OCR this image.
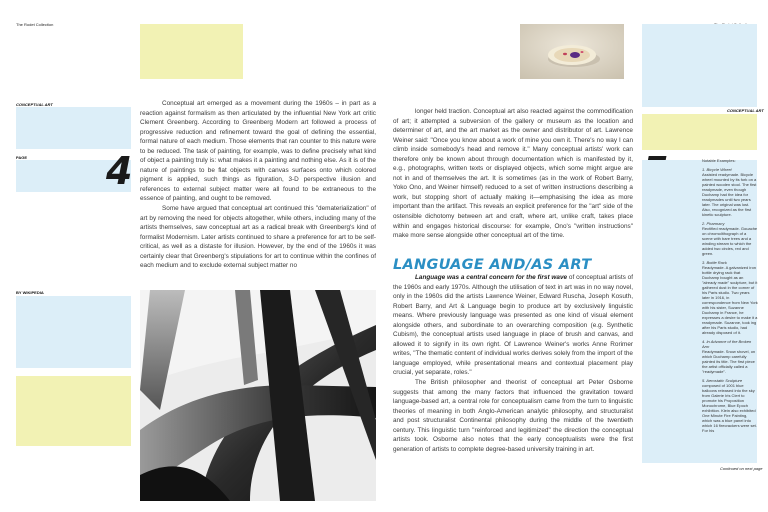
The Rodet Collection
CONCEPTUAL ART
PAGE 4

Conceptual art emerged as a movement during the 1960s – in part as a reaction against formalism as then articulated by the influential New York art critic Clement Greenberg. According to Greenberg Modern art followed a process of progressive reduction and refinement toward the goal of defining the essential, formal nature of each medium. Those elements that ran counter to this nature were to be reduced. The task of painting, for example, was to define precisely what kind of object a painting truly is: what makes it a painting and nothing else. As it is of the nature of paintings to be flat objects with canvas surfaces onto which colored pigment is applied, such things as figuration, 3-D perspective illusion and references to external subject matter were all found to be extraneous to the essence of painting, and ought to be removed.

Some have argued that conceptual art continued this "dematerialization" of art by removing the need for objects altogether, while others, including many of the artists themselves, saw conceptual art as a radical break with Greenberg's kind of formalist Modernism. Later artists continued to share a preference for art to be self-critical, as well as a distaste for illusion. However, by the end of the 1960s it was certainly clear that Greenberg's stipulations for art to continue within the confines of each medium and to exclude external subject matter no

BY WIKIPEDIA

longer held traction. Conceptual art also reacted against the commodification of art; it attempted a subversion of the gallery or museum as the location and determiner of art, and the art market as the owner and distributor of art. Lawrence Weiner said: "Once you know about a work of mine you own it. There's no way I can climb inside somebody's head and remove it." Many conceptual artists' work can therefore only be known about through documentation which is manifested by it, e.g., photographs, written texts or displayed objects, which some might argue are not in and of themselves the art. It is sometimes (as in the work of Robert Barry, Yoko Ono, and Weiner himself) reduced to a set of written instructions describing a work, but stopping short of actually making it—emphasising the idea as more important than the artifact. This reveals an explicit preference for the "art" side of the ostensible dichotomy between art and craft, where art, unlike craft, takes place within and engages historical discourse: for example, Ono's "written instructions" make more sense alongside other conceptual art of the time.

LANGUAGE AND/AS ART

Language was a central concern for the first wave of conceptual artists of the 1960s and early 1970s. Although the utilisation of text in art was in no way novel, only in the 1960s did the artists Lawrence Weiner, Edward Ruscha, Joseph Kosuth, Robert Barry, and Art & Language begin to produce art by exclusively linguistic means. Where previously language was presented as one kind of visual element alongside others, and subordinate to an overarching composition (e.g. Synthetic Cubism), the conceptual artists used language in place of brush and canvas, and allowed it to signify in its own right. Of Lawrence Weiner's works Anne Rorimer writes, "The thematic content of individual works derives solely from the import of the language employed, while presentational means and contextual placement play crucial, yet separate, roles."

The British philosopher and theorist of conceptual art Peter Osborne suggests that among the many factors that influenced the gravitation toward language-based art, a central role for conceptualism came from the turn to linguistic theories of meaning in both Anglo-American analytic philosophy, and structuralist and post structuralist Continental philosophy during the middle of the twentieth century. This linguistic turn "reinforced and legitimized" the direction the conceptual artists took. Osborne also notes that the early conceptualists were the first generation of artists to complete degree-based university training in art.

CONCEPTUAL ART

Notable Examples:

1. Bicycle Wheel
Assisted readymade. Bicycle wheel mounted by its fork on a painted wooden stool. The first readymade, even though Duchamp had the idea for readymades until two years later. The original was lost. Also, recognized as the first kinetic sculpture.

2. Pharmacy
Rectified readymade. Gouache on chromolithograph of a scene with bare trees and a winding stream to which the added two circles, red and green.

3. Bottle Rack
Readymade. A galvanized iron bottle drying rack that Duchamp bought as an "already made" sculpture, but it gathered dust in the corner of his Paris studio. Two years later in 1916, in correspondence from New York with his sister, Suzanne Duchamp in France, he expresses a desire to make it a readymade. Suzanne, took ing after his Paris studio, had already disposed of it.

4. In Advance of the Broken Arm
Readymade. Snow shovel, on which Duchamp carefully painted its title. The first piece the artist officially called a "readymade".

5. Aerostatic Sculpture
composed of 1001 blue balloons released into the sky from Galerie Iris Clert to promote his Proposition Monochrome, Blue Epoch exhibition. Klein also exhibited One Minute Fire Painting, which was a blue panel into which 16 firecrackers were set. For his

Continued on next page
